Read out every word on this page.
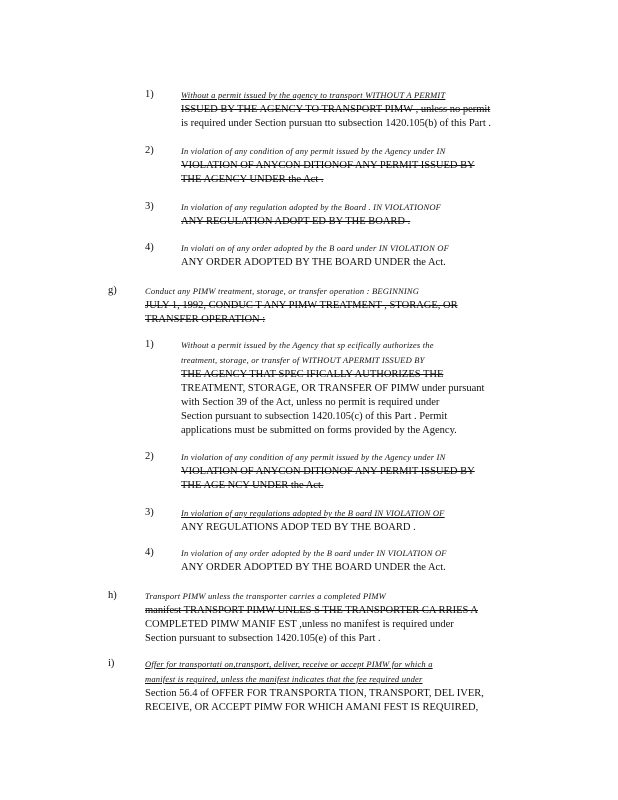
1)	Without a permit issued by the agency to transport WITHOUT A PERMIT

ISSUED BY THE AGENCY TO TRANSPORT PIMW , unless no permit

is required under Section pursuan tto subsection 1420.105(b) of this Part .

2)	In violation of any condition of any permit issued by the Agency under IN

VIOLATION OF ANYCON DITIONOF ANY PERMIT ISSUED BY

THE AGENCY UNDER the Act .

3)	In violation of any regulation adopted by the Board . IN VIOLATIONOF

ANY REGULATION ADOPT ED BY THE BOARD .

4)	In violati on of any order adopted by the B oard under IN VIOLATION OF

ANY ORDER ADOPTED BY THE BOARD UNDER the Act.

g)	Conduct any PIMW treatment, storage, or transfer operation : BEGINNING

JULY 1, 1992, CONDUC T ANY PIMW TREATMENT , STORAGE, OR

TRANSFER OPERATION :

1)	Without a permit issued by the Agency that sp ecifically authorizes the

treatment, storage, or transfer of WITHOUT APERMIT ISSUED BY

THE AGENCY THAT SPEC IFICALLY AUTHORIZES THE

TREATMENT, STORAGE, OR TRANSFER OF PIMW under pursuant

with Section 39 of the Act, unless no permit is required under

Section pursuant to subsection 1420.105(c) of this Part . Permit

applications must be submitted on forms provided by the Agency.

2)	In violation of any condition of any permit issued by the Agency under IN

VIOLATION OF ANYCON DITIONOF ANY PERMIT ISSUED BY

THE AGE NCY UNDER the Act.

3)	In violation of any regulations adopted by the B oard IN VIOLATION OF

ANY REGULATIONS ADOP TED BY THE BOARD .

4)	In violation of any order adopted by the B oard under IN VIOLATION OF

ANY ORDER ADOPTED BY THE BOARD UNDER the Act.

h)	Transport PIMW unless the transporter carries a completed PIMW

manifest TRANSPORT PIMW UNLES S THE TRANSPORTER CA RRIES A

COMPLETED PIMW MANIF EST ,unless no manifest is required under

Section pursuant to subsection 1420.105(e) of this Part .

i)	Offer for transportati on,transport, deliver, receive or accept PIMW for which a

manifest is required, unless the manifest indicates that the fee required under

Section 56.4 of OFFER FOR TRANSPORTA TION, TRANSPORT, DEL IVER,

RECEIVE, OR ACCEPT PIMW FOR WHICH AMANI FEST IS REQUIRED,
